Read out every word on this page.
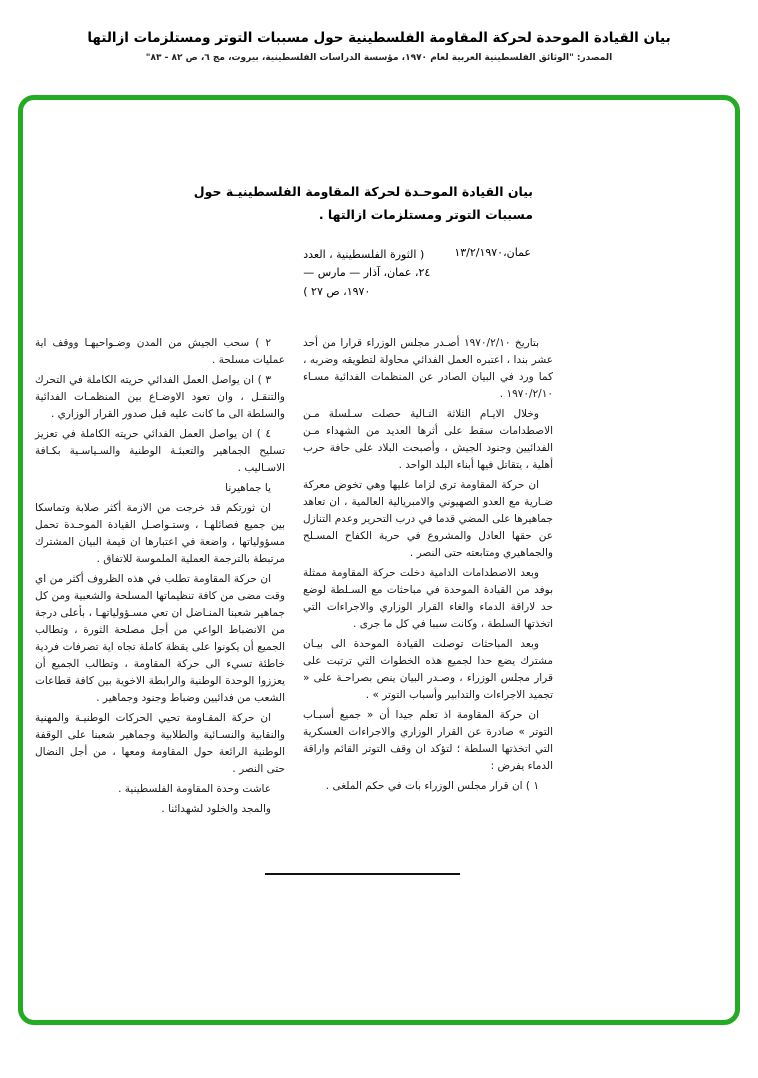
بيان القيادة الموحدة لحركة المقاومة الفلسطينية حول مسببات التوتر ومستلزمات ازالتها
المصدر: "الوثائق الفلسطينية العربية لعام ١٩٧٠، مؤسسة الدراسات الفلسطينية، بيروت، مج ٦، ص ٨٢ - ٨٣"
بيان القيادة الموحـدة لحركة المقاومة الفلسطينيـة حول
مسببات التوتر ومستلزمات ازالتها .
عمان،١٣/٢/١٩٧٠
( الثورة الفلسطينية ، العدد
٢٤، عمان، آذار — مارس —
١٩٧٠، ص ٢٧ )

بتاريخ ١٩٧٠/٢/١٠ أصـدر مجلس الوزراء قرارا من أحد عشر بندا ، اعتبره العمل الفدائي محاولة لتطويقه وضربه ، كما ورد في البيان الصادر عن المنظمات الفدائية مسـاء ١٩٧٠/٢/١٠ .

وخلال الايـام الثلاثة التـالية حصلت سـلسلة مـن الاصطدامات سقط على أثرها العديد من الشهداء مـن الفدائيين وجنود الجيش ، وأصبحت البلاد على حافة حرب أهلية ، يتقاتل فيها أبناء البلد الواحد .

ان حركة المقاومة ترى لزاما عليها وهي تخوض معركة ضـارية مع العدو الصهيوني والامبريالية العالمية ، ان تعاهد جماهيرها على المضي قدما في درب التحرير وعدم التنازل عن حقها العادل والمشروع في حرية الكفاح المسـلح والجماهيري ومتابعته حتى النصر .

وبعد الاصطدامات الدامية دخلت حركة المقاومة ممثلة بوفد من القيادة الموحدة في مباحثات مع السـلطة لوضع حد لاراقة الدماء والغاء القرار الوزاري والاجراءات التي اتخذتها السلطة ، وكانت سببا في كل ما جرى .

وبعد المباحثات توصلت القيادة الموحدة الى بيـان مشترك يضع حدا لجميع هذه الخطوات التي ترتبت على قرار مجلس الوزراء ، وصـدر البيان ينص بصراحـة على « تجميد الاجراءات والتدابير وأسباب التوتر » .

ان حركة المقاومة اذ تعلم جيدا أن « جميع أسبـاب التوتر » صادرة عن القرار الوزاري والاجراءات العسكرية التي اتخذتها السلطة ؛ لتؤكد ان وقف التوتر القائم واراقة الدماء يفرض :

١ ) ان قرار مجلس الوزراء بات في حكم الملغى .

٢ ) سحب الجيش من المدن وضـواحيهـا ووقف اية عمليات مسلحة .

٣ ) ان يواصل العمل الفدائي حريته الكاملة في التحرك والتنقـل ، وان تعود الاوضـاع بين المنظمـات الفدائية والسلطة الى ما كانت عليه قبل صدور القرار الوزاري .

٤ ) ان يواصل العمل الفدائي حريته الكاملة في تعزيز تسليح الجماهير والتعبئـة الوطنية والسـياسـية بكـافة الاسـاليب .

يا جماهيرنا

ان ثورتكم قد خرجت من الازمة أكثر صلابة وتماسكا بين جميع فصائلهـا ، وستـواصـل القيادة الموحـدة تحمل مسؤولياتها ، واضعة في اعتبارها ان قيمة البيان المشترك مرتبطة بالترجمة العملية الملموسة للاتفاق .

ان حركة المقاومة تطلب في هذه الظروف أكثر من اي وقت مضى من كافة تنظيماتها المسلحة والشعبية ومن كل جماهير شعبنا المنـاضل ان تعي مسـؤولياتهـا ، بأعلى درجة من الانضباط الواعي من أجل مصلحة الثورة ، وتطالب الجميع أن يكونوا على يقظة كاملة تجاه اية تصرفات فردية خاطئة تسيء الى حركة المقاومة ، وتطالب الجميع أن يعززوا الوحدة الوطنية والرابطة الاخوية بين كافة قطاعات الشعب من فدائيين وضباط وجنود وجماهير .

ان حركة المقـاومة تحيي الحركات الوطنيـة والمهنية والنقابية والنسـائية والطلابية وجماهير شعبنا على الوقفة الوطنية الرائعة حول المقاومة ومعها ، من أجل النضال حتى النصر .

عاشت وحدة المقاومة الفلسطينية .

والمجد والخلود لشهدائنا .
